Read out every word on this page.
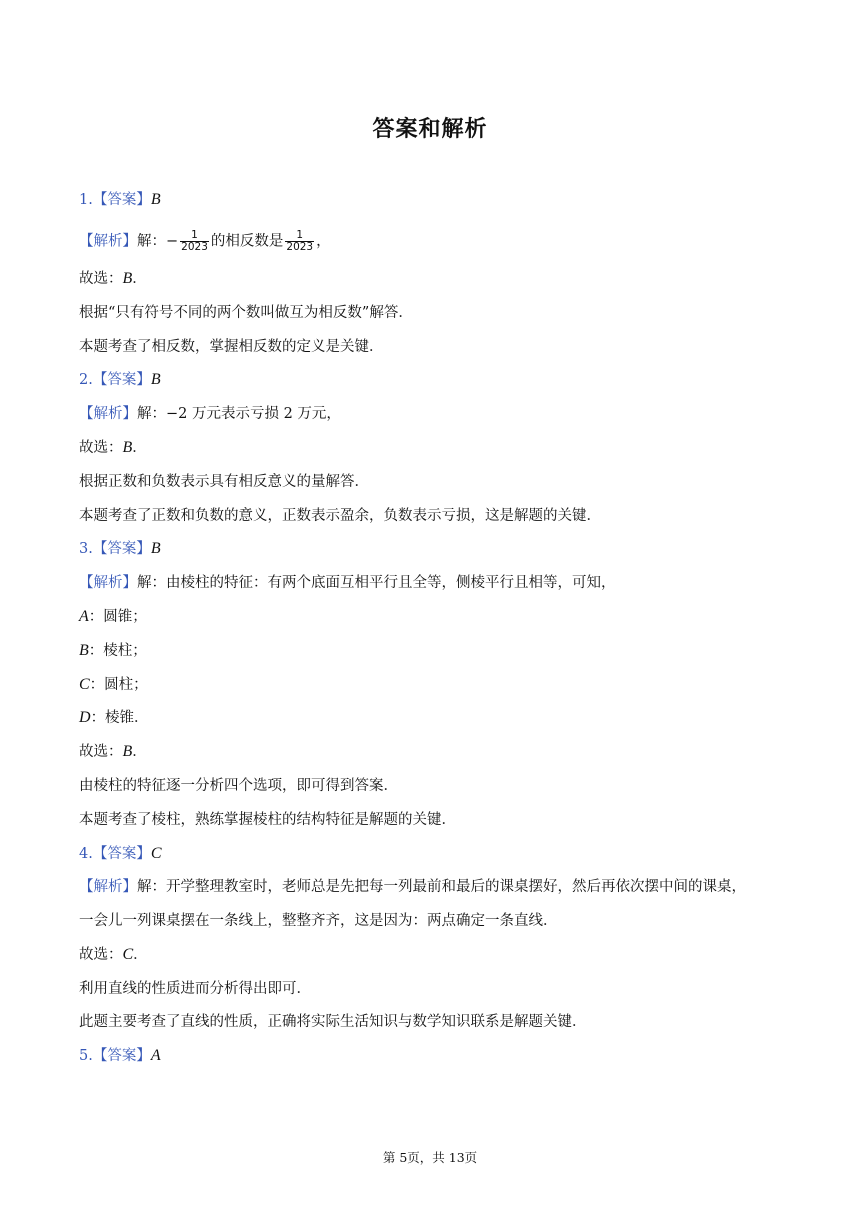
答案和解析
1.【答案】B
【解析】解：− $\frac{1}{2023}$ 的相反数是 $\frac{1}{2023}$ ，
故选：B．
根据“只有符号不同的两个数叫做互为相反数”解答．
本题考查了相反数，掌握相反数的定义是关键．
2.【答案】B
【解析】解：−2 万元表示亏损 2 万元，
故选：B．
根据正数和负数表示具有相反意义的量解答．
本题考查了正数和负数的意义，正数表示盈余，负数表示亏损，这是解题的关键．
3.【答案】B
【解析】解：由棱柱的特征：有两个底面互相平行且全等，侧棱平行且相等，可知，
A：圆锥；
B：棱柱；
C：圆柱；
D：棱锥．
故选：B．
由棱柱的特征逐一分析四个选项，即可得到答案．
本题考查了棱柱，熟练掌握棱柱的结构特征是解题的关键．
4.【答案】C
【解析】解：开学整理教室时，老师总是先把每一列最前和最后的课桌摆好，然后再依次摆中间的课桌，
一会儿一列课桌摆在一条线上，整整齐齐，这是因为：两点确定一条直线．
故选：C．
利用直线的性质进而分析得出即可．
此题主要考查了直线的性质，正确将实际生活知识与数学知识联系是解题关键．
5.【答案】A
第 5页，共 13页
